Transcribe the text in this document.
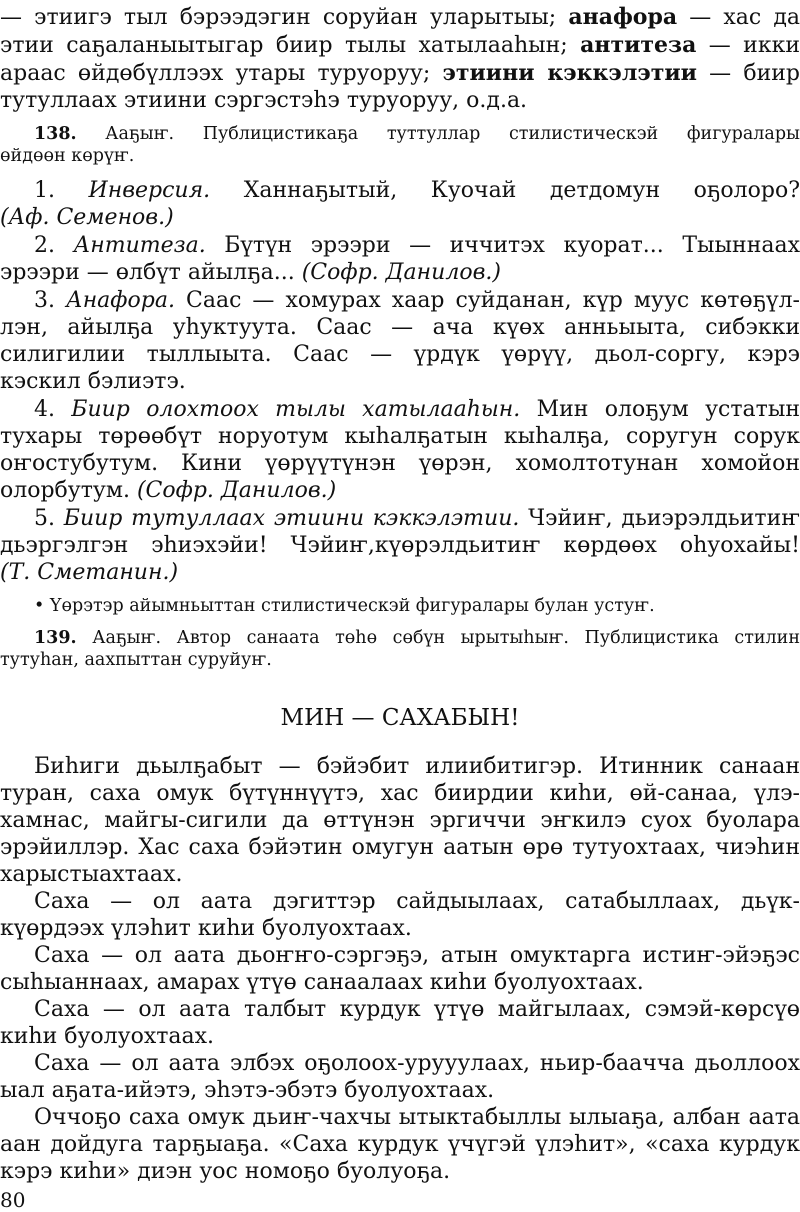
— этиигэ тыл бэрээдэгин соруйан уларытыы; анафора — хас да
этии саҕаланыытыгар биир тылы хатылааһын; антитеза — икки
араас өйдөбүллээх утары туруоруу; этиини кэккэлэтии — биир
тутуллаах этиини сэргэстэһэ туруоруу, о.д.а.
138. Ааҕыҥ. Публицистикаҕа туттуллар стилистическэй фигуралары
өйдөөн көрүҥ.
1. Инверсия. Ханнаҕытый, Куочай детдомун оҕолоро?
(Аф. Семенов.)
2. Антитеза. Бүтүн эрээри — иччитэх куорат... Тыыннаах
эрээри — өлбүт айылҕа... (Софр. Данилов.)
3. Анафора. Саас — хомурах хаар суйданан, күр муус көтөҕүл-
лэн, айылҕа уһуктуута. Саас — ача күөх анньыыта, сибэкки
силигилии тыллыыта. Саас — үрдүк үөрүү, дьол-соргу, кэрэ
кэскил бэлиэтэ.
4. Биир олохтоох тылы хатылааһын. Мин олоҕум устатын
тухары төрөөбүт норуотум кыһалҕатын кыһалҕа, соругун сорук
оҥостубутум. Кини үөрүүтүнэн үөрэн, хомолтотунан хомойон
олорбутум. (Софр. Данилов.)
5. Биир тутуллаах этиини кэккэлэтии. Чэйиҥ, дьиэрэлдьитиҥ
дьэргэлгэн эһиэхэйи! Чэйиҥ,күөрэлдьитиҥ көрдөөх оһуохайы!
(Т. Сметанин.)
• Үөрэтэр айымньыттан стилистическэй фигуралары булан устуҥ.
139. Ааҕыҥ. Автор санаата төһө сөбүн ырытыһыҥ. Публицистика стилин
тутуһан, аахпыттан суруйуҥ.
МИН — САХАБЫН!
Биһиги дьылҕабыт — бэйэбит илиибитигэр. Итинник санаан
туран, саха омук бүтүннүүтэ, хас биирдии киһи, өй-санаа, үлэ-
хамнас, майгы-сигили да өттүнэн эргиччи эҥкилэ суох буолара
эрэйиллэр. Хас саха бэйэтин омугун аатын өрө тутуохтаах, чиэһин
харыстыахтаах.
Саха — ол аата дэгиттэр сайдыылаах, сатабыллаах, дьүк-
күөрдээх үлэһит киһи буолуохтаах.
Саха — ол аата дьоҥҥо-сэргэҕэ, атын омуктарга истиҥ-эйэҕэс
сыһыаннаах, амарах үтүө санаалаах киһи буолуохтаах.
Саха — ол аата талбыт курдук үтүө майгылаах, сэмэй-көрсүө
киһи буолуохтаах.
Саха — ол аата элбэх оҕолоох-урууулаах, ньир-баачча дьоллоох
ыал аҕата-ийэтэ, эһэтэ-эбэтэ буолуохтаах.
Оччоҕо саха омук дьиҥ-чахчы ытыктабыллы ылыаҕа, албан аата
аан дойдуга тарҕыаҕа. «Саха курдук үчүгэй үлэһит», «саха курдук
кэрэ киһи» диэн уос номоҕо буолуоҕа.
80
